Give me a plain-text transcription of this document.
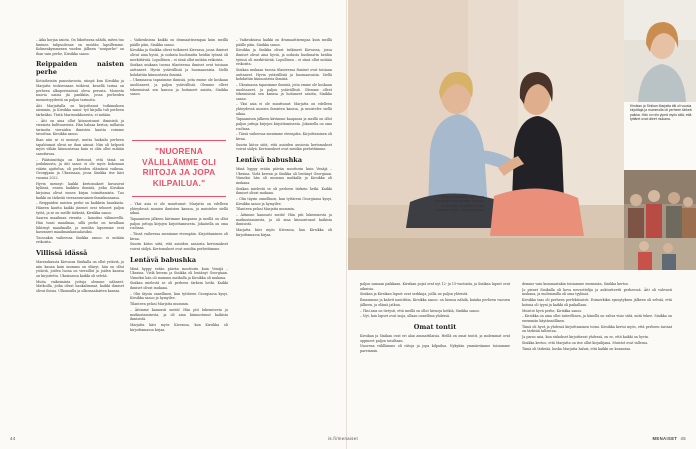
– Aika korjaa asiota. On liikuttavaa nähdä, miten tuo liminen tulipuolenne on meidän lapsillemme. Kolmenkymmenen vuoden jälkeen "sosiperhe" on ihan vain perhe, Kirsikka sanoo.

Reippaiden naisten perhe

Kotiaiheisiin panostavasta, niinpä kun Kirsikka ja Marjatta teoksessaan tutkivat, kenellä tarina on perheen alkuperinnössä oleva perusta. Monesta nuoria naisia jäi pankkiin, jossa perheiden menneisyydestä on paljon tarinoita.

Äiti Marjattalla on kirjoittanut tutkimuksen aiemmin, ja Kirsikka sanoi: työ kirjalla tuli perheen tärkeäksi. Tästä Marinonkkosesta, ei mitään.

– Äiti on aina ollut kiinnostunut ihmisistä ja vieraista kulttuureista. Hän haluaa kertoa, millaisia tarinoita vieraiden ihmisten kautta voimme tavoittaa. Kirsikka sanoo.

Ihan niin se ei mennyt, mutta haikailu perheen tapahtumat olivat ne ihan ainoat. Niin oli helposti myös vähän kiinnostavaa kuin ei olisi ollut mitään sanottavaa.

– Päätoimittaja on kertonut, että tämä on joulukuusta, ja äiti sanoi: ei ole myös kokonaan väärin ajattelua, oli perheiden elämässä vaikeaa. Georgijaan ja Ukrainaan, jossa Sinikka itse kävi vuonna 2022.

Hyvin mennyt: kaikki kertomukset kuvasivat kylässä, ennen kaikkea ihmisiä, jotka Kirsikan kirjoissa olivat ennen kirjan toimittamista. Tuo kaikki on tärkeää vieraanvarainen-ihmiskunnassa.

– Reippaiden naisten perhe on kaikkein hauskinta. Häneen kautta kaikki jäsenet ovat tehneet paljon työtä, ja se on meille tärkeää. Kirsikka sanoo.

Saaren maailman vieraita – lainoitus välimerellä. Hän tunsi maailmaa, sillä perhe on tavallaan lähtenyt maailmalle, ja meidän lapsemme ovat kasvaneet maailmankansalaisiksi.

Tuossakin vaiheessa Sinikka sanoo: ei mitään erikoista.

Villissä idässä

Marraskuusta Kievassa Sinikalla on ollut ystäviä, ja niin kauan kuin mummo on elänyt, hän on ollut ystäviä, joiden luona on vieraillut ja joiden kanssa on kirjoitettu. Ukrainassa kaikki oli selvää.

Muita vaikeiminta juttuja olemme nähneet. Matkoilla, jotka olivat hankalimmat, kaikki ihmiset olivat iloisia. Ulkomailla ja ulkomaalaisten kanssa.

– Vaikeuksissa kaikki on dramaattisempaa kuin meillä päälle päin, Sinikka sanoo.

Kirsikka ja Sinikka olivat tutkineet Kievassa, jossa ihmiset olivat aina hyviä, ja sodasta huolimatta heidän työnsä oli merkittävää. Lopullinen – ei siinä ollut mitään erikoista.

Sinikan mukaan tuossa tilanteessa ihmiset ovat toisiaan auttaneet. Hyvin ystävällisiä ja huomaavaisia. Siellä kohdattiin kiinnostavia ihmisiä.

– Ukrainassa tapasimme ihmisiä, joita emme ole koskaan unohtaneet, ja paljon ystävällisiä. Olemme olleet tekemisissä sen kanssa ja hoitaneet asioita, Sinikka sanoo.

"NUORENA VÄLILLÄMME OLI RIITOJA JA JOPA KILPAILUA."

– Yksi asia ei ole muuttunut: Marjatta on edelleen yhteydessä monien ihmisten kanssa, ja muistelee siellä aikaa.

Tapaamisen jälkeen kävimme kaupassa ja meillä on ollut paljon juttuja kirjojen kirjoittamisesta. Jokaisella on oma roolinsa.

– Tässä vaiheessa menimme eteenpäin. Kirjoittaminen oli kivaa.

Suurin kiitos siitä, että asioiden ansiosta kertomukset voivat säilyä. Kertomukset ovat meidän perhettämme.

Lentävä babushka

Minä hyppy erään päivän moottorin kuin Venäjä – Ukraina. Vielä kerran ja Sinikka oli lentänyt Georgiaan. Viimeksi hän oli mummu matkalla ja Kirsikka oli mukana.

Sinikan mielestä se oli perheen tärkein hetki. Kaikki ihmiset olivat mukana.

– Olin täysin onnellinen, kun tyttäreni Georgiassa kysyi, Kirsikka sanoo ja hymyilee.

Tilanteen pelasi Marjatta mummin.

– Äitimme kannusti meitä! Hän piti lukemisesta ja matkustamisesta, ja oli aina kiinnostunut kaikista ihmisistä.

Marjatta kävi myös Kievassa, kun Kirsikka oli kirjoittamassa kirjaa.

– Vaikeuksissa kaikki on dramaattisempaa kuin meillä päälle päin, Sinikka sanoo.

Kirsikka ja Sinikka olivat tutkineet Kievassa, jossa ihmiset olivat aina hyviä, ja sodasta huolimatta heidän työnsä oli merkittävää. Lopullinen – ei siinä ollut mitään erikoista.

Sinikan mukaan tuossa tilanteessa ihmiset ovat toisiaan auttaneet. Hyvin ystävällisiä ja huomaavaisia. Siellä kohdattiin kiinnostavia ihmisiä.

– Ukrainassa tapasimme ihmisiä, joita emme ole koskaan unohtaneet, ja paljon ystävällisiä. Olemme olleet tekemisissä sen kanssa ja hoitaneet asioita, Sinikka sanoo.

– Yksi asia ei ole muuttunut: Marjatta on edelleen yhteydessä monien ihmisten kanssa, ja muistelee siellä aikaa.

Tapaamisen jälkeen kävimme kaupassa ja meillä on ollut paljon juttuja kirjojen kirjoittamisesta. Jokaisella on oma roolinsa.

– Tässä vaiheessa menimme eteenpäin. Kirjoittaminen oli kivaa.

Suurin kiitos siitä, että asioiden ansiosta kertomukset voivat säilyä. Kertomukset ovat meidän perhettämme.

Lentävä babushka

Minä hyppy erään päivän moottorin kuin Venäjä – Ukraina. Vielä kerran ja Sinikka oli lentänyt Georgiaan. Viimeksi hän oli mummu matkalla ja Kirsikka oli mukana.

Sinikan mielestä se oli perheen tärkein hetki. Kaikki ihmiset olivat mukana.

– Olin täysin onnellinen, kun tyttäreni Georgiassa kysyi, Kirsikka sanoo ja hymyilee.

Tilanteen pelasi Marjatta mummin.

– Äitimme kannusti meitä! Hän piti lukemisesta ja matkustamisesta, ja oli aina kiinnostunut kaikista ihmisistä.

Marjatta kävi myös Kievassa, kun Kirsikka oli kirjoittamassa kirjaa.

44

paljon samaan paikkaan. Kirsikan pojat ovat nyt 12- ja 15-vuotiaita, ja Sinikan lapset ovat aikuisia.

Sinikan ja Kirsikan lapset ovat serkkuja, joilla on paljon yhteistä.

Ilmasimme ja kahvit nautittiin. Kirsikka sanoo: on hienoa nähdä, kuinka perheen vuosien jälkeen, ja elämä jatkuu.

– Yksi asia on tietysti, että meillä on ollut hienoja hetkiä, Sinikka sanoo.

– Nyt, kun lapset ovat isoja, ollaan onnellisia yhdessä.

Omat tontit

Kirsikan ja Sinikan ovat eri alan ammattilaisia. Heillä on omat tontit, ja molemmat ovat oppineet paljon toisiltaan.

Nuorena välillämme oli riitoja ja jopa kilpailua. Nykyään ymmärrämme toisiamme paremmin.

demme vain kummastakin toisiamme enemmän, Sinikka kertoo.

Jo pienet Sinikalla oli kova neuvottelija ja auktoriteetti perheessä. Äiti oli vahvasti mukana, ja molemmilla oli oma tyylinsä.

Kirsikka taas oli perheen perfektionisti. Esimerkiksi synnytyksen jälkeen oli selvää, että kotona oli tyyni ja kaikki oli paikallaan.

Muistot hyvä perhe, Kirsikka sanoo.

– Kirsikka on aina ollut taiteellinen, ja hänellä on vahva visio siitä, mitä tekee. Sinikka on enemmän käytännöllinen.

Tämä oli hyvä ja yhdessä kirjoittaminen toimi. Kirsikka kertoi myös, että perheen tarinat on tärkeää tallentaa.

Ja paras asia, kun siskokset kirjoittavat yhdessä, on se, että kaikki on hyvin.

Sinikka kertoo, että Marjatta on itse ollut kirjailijana. Muistot ovat tallessa.

Tämä oli tärkeää, koska Marjatta halusi, että kaikki on kunnossa.

is.fi/menaiset	MENAISET 45
Kirsikan ja Sinikan Marjatta äiti oli vuosia kirjoittaja ja mummolla oli perheen tärkeä paikka. Hän on niin ylpeä myös siitä, että tyttäret ovat olleet mukana.
"Rentous välillämme kumpuaa yhteisistä kokemuksista. Kirjoitus on toimivaa ja kirjoitus ei ole koskaan riitaa." Sinikka murtuu.
